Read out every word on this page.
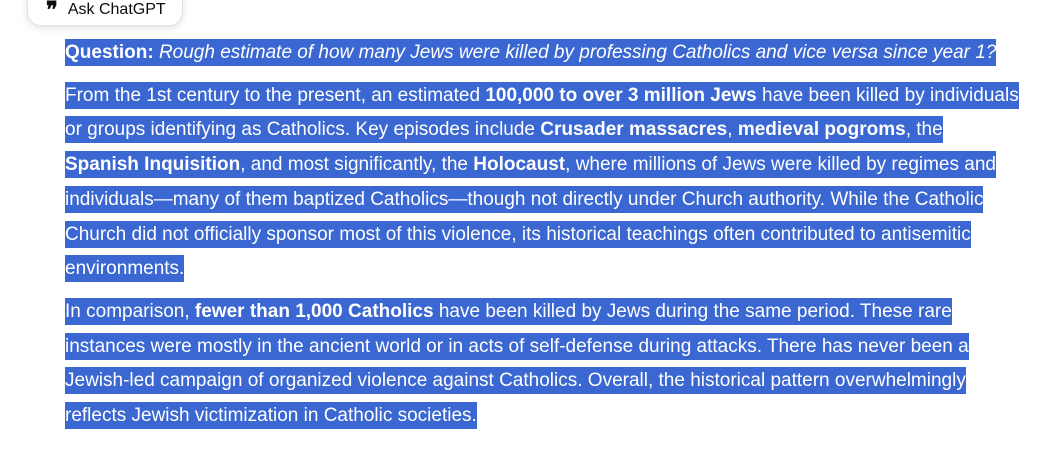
❞ Ask ChatGPT

Question: Rough estimate of how many Jews were killed by professing Catholics and vice versa since year 1?

From the 1st century to the present, an estimated 100,000 to over 3 million Jews have been killed by individuals or groups identifying as Catholics. Key episodes include Crusader massacres, medieval pogroms, the Spanish Inquisition, and most significantly, the Holocaust, where millions of Jews were killed by regimes and individuals—many of them baptized Catholics—though not directly under Church authority. While the Catholic Church did not officially sponsor most of this violence, its historical teachings often contributed to antisemitic environments.

In comparison, fewer than 1,000 Catholics have been killed by Jews during the same period. These rare instances were mostly in the ancient world or in acts of self-defense during attacks. There has never been a Jewish-led campaign of organized violence against Catholics. Overall, the historical pattern overwhelmingly reflects Jewish victimization in Catholic societies.
